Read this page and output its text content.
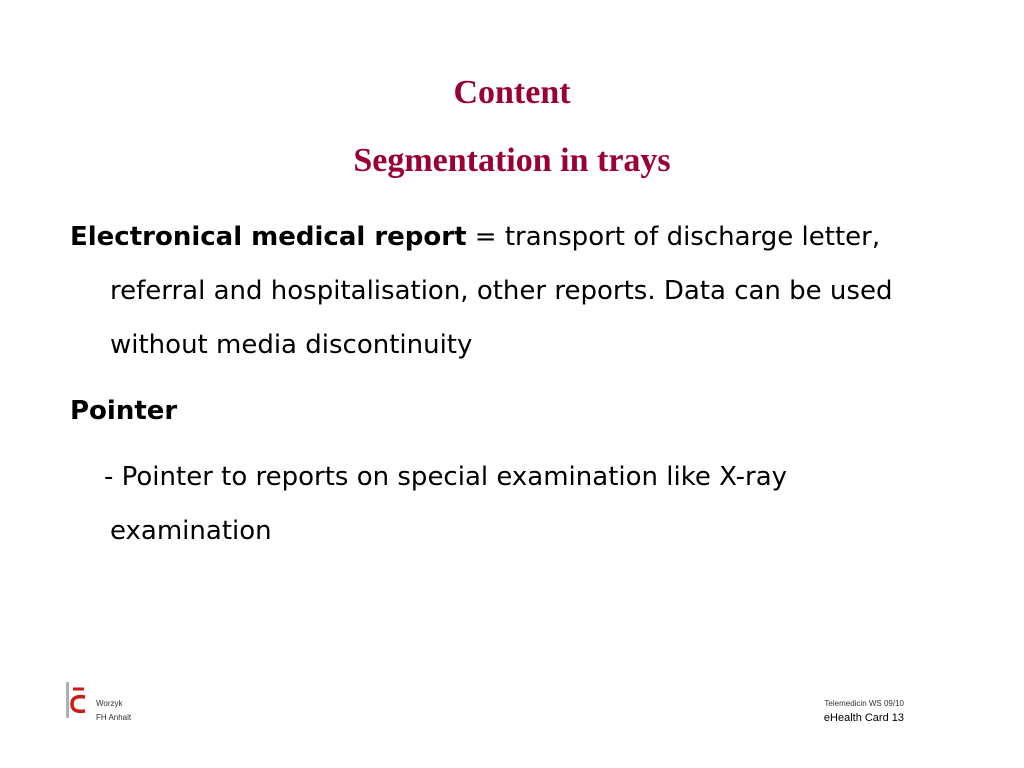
Content
Segmentation in trays

Electronical medical report = transport of discharge letter, referral and hospitalisation, other reports. Data can be used without media discontinuity

Pointer

- Pointer to reports on special examination like X-ray examination

Worzyk
FH Anhalt
Telemedicin WS 09/10
eHealth Card 13
